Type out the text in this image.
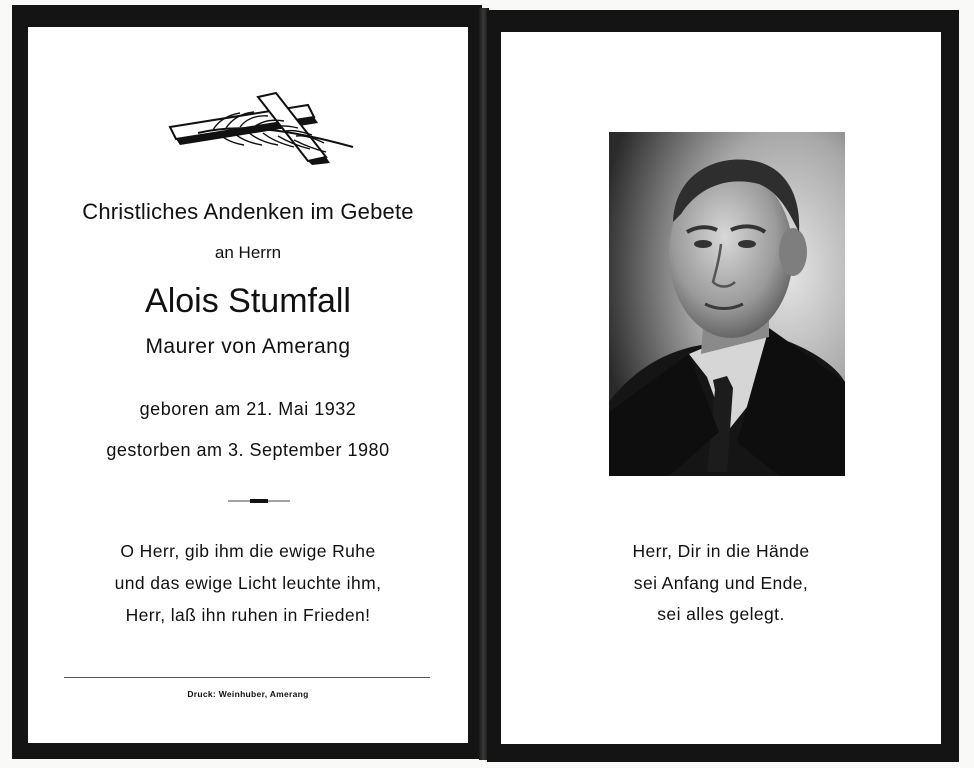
Christliches Andenken im Gebete
an Herrn
Alois Stumfall
Maurer von Amerang
geboren am 21. Mai 1932
gestorben am 3. September 1980
O Herr, gib ihm die ewige Ruhe
und das ewige Licht leuchte ihm,
Herr, laß ihn ruhen in Frieden!
Druck: Weinhuber, Amerang
Herr, Dir in die Hände
sei Anfang und Ende,
sei alles gelegt.
